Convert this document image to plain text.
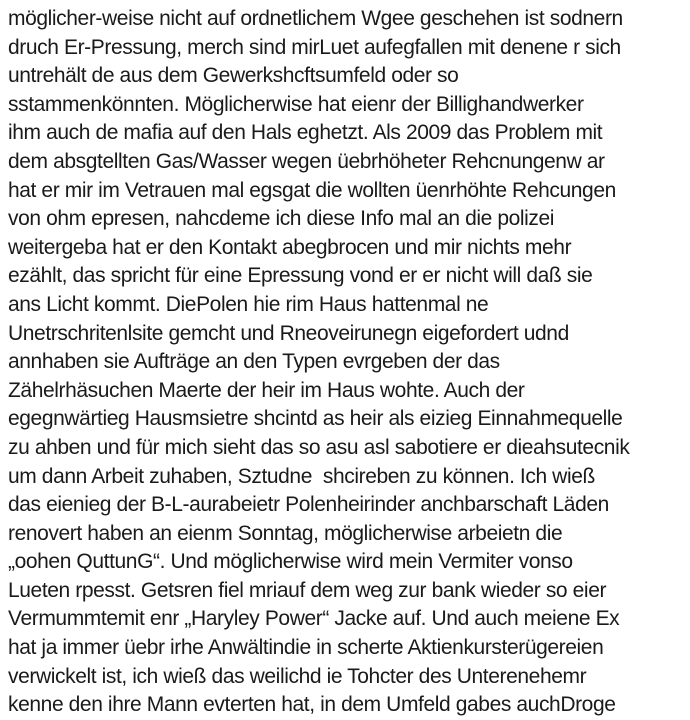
möglicher-weise nicht auf ordnetlichem Wgee geschehen ist sodnern
druch Er-Pressung, merch sind mirLuet aufegfallen mit denene r sich
untrehält de aus dem Gewerkshcftsumfeld oder so
sstammenkönnten. Möglicherwise hat eienr der Billighandwerker
ihm auch de mafia auf den Hals eghetzt. Als 2009 das Problem mit
dem absgtellten Gas/Wasser wegen üebrhöheter Rehcnungenw ar
hat er mir im Vetrauen mal egsgat die wollten üenrhöhte Rehcungen
von ohm epresen, nahcdeme ich diese Info mal an die polizei
weitergeba hat er den Kontakt abegbrocen und mir nichts mehr
ezählt, das spricht für eine Epressung vond er er nicht will daß sie
ans Licht kommt. DiePolen hie rim Haus hattenmal ne
Unetrschritenlsite gemcht und Rneoveirunegn eigefordert udnd
annhaben sie Aufträge an den Typen evrgeben der das
Zähelrhäsuchen Maerte der heir im Haus wohte. Auch der
egegnwärtieg Hausmsietre shcintd as heir als eizieg Einnahmequelle
zu ahben und für mich sieht das so asu asl sabotiere er dieahsutecnik
um dann Arbeit zuhaben, Sztudne  shcireben zu können. Ich wieß
das eienieg der B-L-aurabeietr Polenheirinder anchbarschaft Läden
renovert haben an eienm Sonntag, möglicherwise arbeietn die
„oohen QuttunG“. Und möglicherwise wird mein Vermiter vonso
Lueten rpesst. Getsren fiel mriauf dem weg zur bank wieder so eier
Vermummtemit enr „Haryley Power“ Jacke auf. Und auch meiene Ex
hat ja immer üebr irhe Anwältindie in scherte Aktienkursterügereien
verwickelt ist, ich wieß das weilichd ie Tohcter des Unterenehemr
kenne den ihre Mann evterten hat, in dem Umfeld gabes auchDroge
